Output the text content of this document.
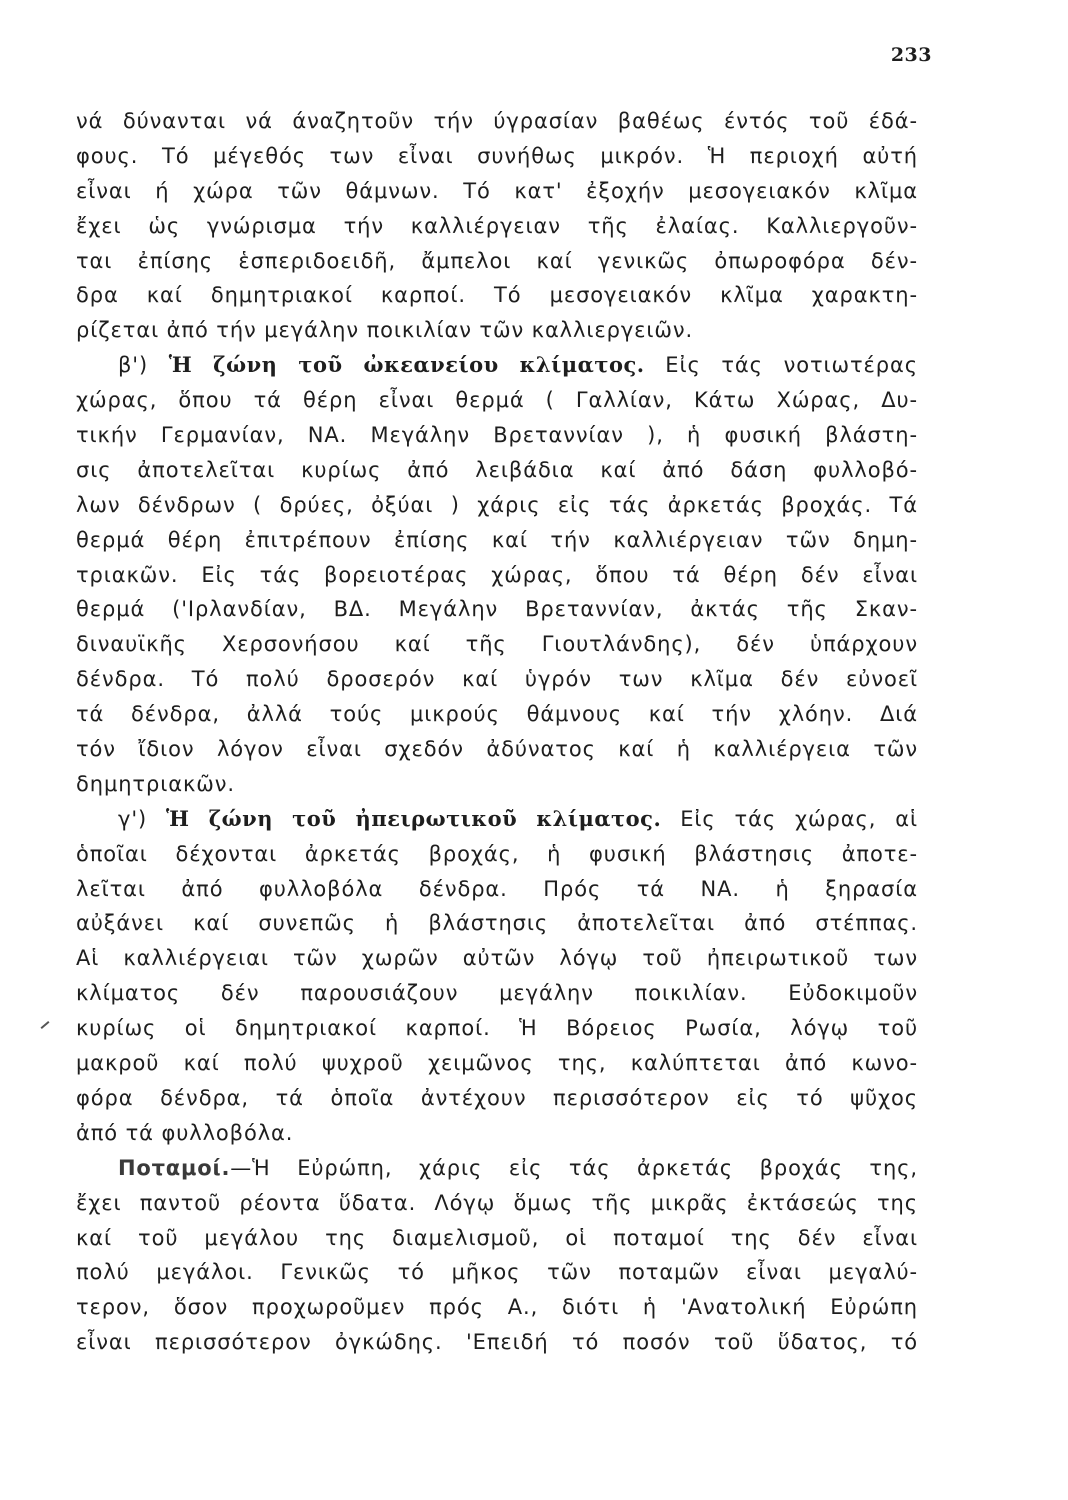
233
νά δύνανται νά άναζητοῦν τήν ύγρασίαν βαθέως έντός τοῦ έδά-
φους. Τό μέγεθός των εἶναι συνήθως μικρόν. Ἡ περιοχή αὐτή
εἶναι ή χώρα τῶν θάμνων. Τό κατ' ἐξοχήν μεσογειακόν κλῖμα
ἔχει ὡς γνώρισμα τήν καλλιέργειαν τῆς ἐλαίας. Καλλιεργοῦν-
ται ἐπίσης ἑσπεριδοειδῆ, ἄμπελοι καί γενικῶς ὀπωροφόρα δέν-
δρα καί δημητριακοί καρποί. Τό μεσογειακόν κλῖμα χαρακτη-
ρίζεται ἀπό τήν μεγάλην ποικιλίαν τῶν καλλιεργειῶν.
β') Ἡ ζώνη τοῦ ὠκεανείου κλίματος. Εἰς τάς νοτιωτέρας
χώρας, ὅπου τά θέρη εἶναι θερμά ( Γαλλίαν, Κάτω Χώρας, Δυ-
τικήν Γερμανίαν, ΝΑ. Μεγάλην Βρεταννίαν ), ἡ φυσική βλάστη-
σις ἀποτελεῖται κυρίως ἀπό λειβάδια καί ἀπό δάση φυλλοβό-
λων δένδρων ( δρύες, ὀξύαι ) χάρις εἰς τάς ἀρκετάς βροχάς. Τά
θερμά θέρη ἐπιτρέπουν ἐπίσης καί τήν καλλιέργειαν τῶν δημη-
τριακῶν. Εἰς τάς βορειοτέρας χώρας, ὅπου τά θέρη δέν εἶναι
θερμά ('Ιρλανδίαν, ΒΔ. Μεγάλην Βρεταννίαν, ἀκτάς τῆς Σκαν-
διναυϊκῆς Χερσονήσου καί τῆς Γιουτλάνδης), δέν ὑπάρχουν
δένδρα. Τό πολύ δροσερόν καί ὑγρόν των κλῖμα δέν εὐνοεῖ
τά δένδρα, ἀλλά τούς μικρούς θάμνους καί τήν χλόην. Διά
τόν ἴδιον λόγον εἶναι σχεδόν ἀδύνατος καί ἡ καλλιέργεια τῶν
δημητριακῶν.
γ') Ἡ ζώνη τοῦ ἠπειρωτικοῦ κλίματος. Εἰς τάς χώρας, αἱ
ὁποῖαι δέχονται ἀρκετάς βροχάς, ἡ φυσική βλάστησις ἀποτε-
λεῖται ἀπό φυλλοβόλα δένδρα. Πρός τά ΝΑ. ἡ ξηρασία
αὐξάνει καί συνεπῶς ἡ βλάστησις ἀποτελεῖται ἀπό στέππας.
Αἱ καλλιέργειαι τῶν χωρῶν αὐτῶν λόγῳ τοῦ ἠπειρωτικοῦ των
κλίματος δέν παρουσιάζουν μεγάλην ποικιλίαν. Εὐδοκιμοῦν
κυρίως οἱ δημητριακοί καρποί. Ἡ Βόρειος Ρωσία, λόγῳ τοῦ
μακροῦ καί πολύ ψυχροῦ χειμῶνος της, καλύπτεται ἀπό κωνο-
φόρα δένδρα, τά ὁποῖα ἀντέχουν περισσότερον εἰς τό ψῦχος
ἀπό τά φυλλοβόλα.
Ποταμοί.—Ἡ Εὐρώπη, χάρις εἰς τάς ἀρκετάς βροχάς της,
ἔχει παντοῦ ρέοντα ὕδατα. Λόγῳ ὅμως τῆς μικρᾶς ἐκτάσεώς της
καί τοῦ μεγάλου της διαμελισμοῦ, οἱ ποταμοί της δέν εἶναι
πολύ μεγάλοι. Γενικῶς τό μῆκος τῶν ποταμῶν εἶναι μεγαλύ-
τερον, ὅσον προχωροῦμεν πρός Α., διότι ἡ 'Ανατολική Εὐρώπη
εἶναι περισσότερον ὀγκώδης. 'Επειδή τό ποσόν τοῦ ὕδατος, τό
